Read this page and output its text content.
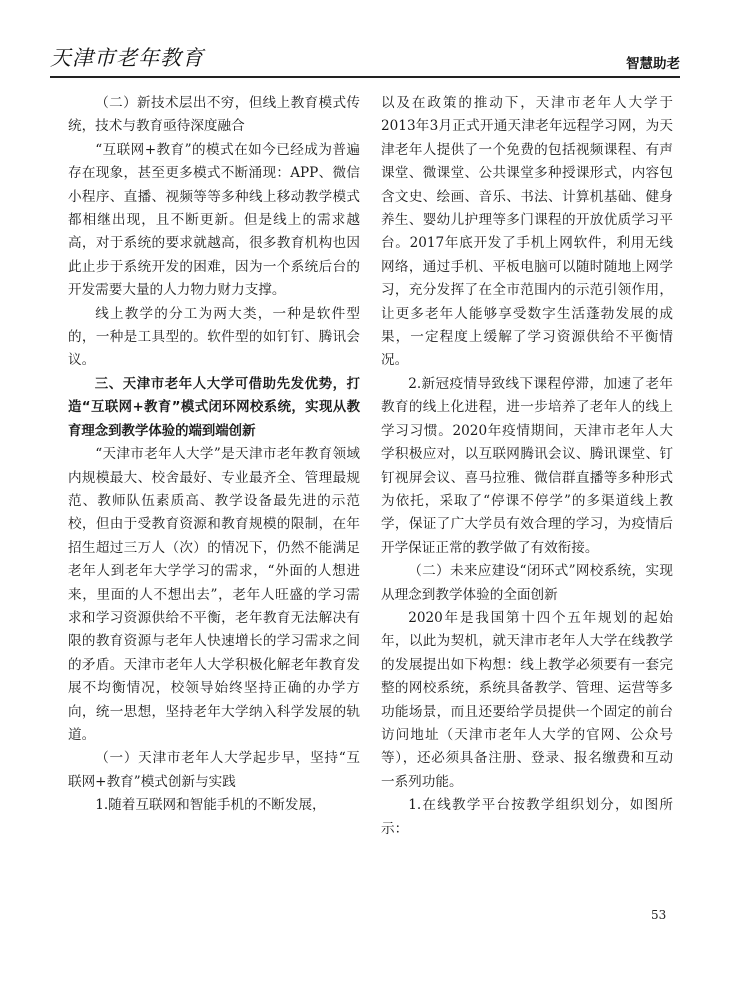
天津市老年教育	智慧助老

（二）新技术层出不穷，但线上教育模式传统，技术与教育亟待深度融合

“互联网+教育”的模式在如今已经成为普遍存在现象，甚至更多模式不断涌现：APP、微信小程序、直播、视频等等多种线上移动教学模式都相继出现，且不断更新。但是线上的需求越高，对于系统的要求就越高，很多教育机构也因此止步于系统开发的困难，因为一个系统后台的开发需要大量的人力物力财力支撑。

线上教学的分工为两大类，一种是软件型的，一种是工具型的。软件型的如钉钉、腾讯会议。

三、天津市老年人大学可借助先发优势，打造“互联网+教育”模式闭环网校系统，实现从教育理念到教学体验的端到端创新

“天津市老年人大学”是天津市老年教育领域内规模最大、校舍最好、专业最齐全、管理最规范、教师队伍素质高、教学设备最先进的示范校，但由于受教育资源和教育规模的限制，在年招生超过三万人（次）的情况下，仍然不能满足老年人到老年大学学习的需求，“外面的人想进来，里面的人不想出去”，老年人旺盛的学习需求和学习资源供给不平衡，老年教育无法解决有限的教育资源与老年人快速增长的学习需求之间的矛盾。天津市老年人大学积极化解老年教育发展不均衡情况，校领导始终坚持正确的办学方向，统一思想，坚持老年大学纳入科学发展的轨道。

（一）天津市老年人大学起步早，坚持“互联网+教育”模式创新与实践

1.随着互联网和智能手机的不断发展，

以及在政策的推动下，天津市老年人大学于2013年3月正式开通天津老年远程学习网，为天津老年人提供了一个免费的包括视频课程、有声课堂、微课堂、公共课堂多种授课形式，内容包含文史、绘画、音乐、书法、计算机基础、健身养生、婴幼儿护理等多门课程的开放优质学习平台。2017年底开发了手机上网软件，利用无线网络，通过手机、平板电脑可以随时随地上网学习，充分发挥了在全市范围内的示范引领作用，让更多老年人能够享受数字生活蓬勃发展的成果，一定程度上缓解了学习资源供给不平衡情况。

2.新冠疫情导致线下课程停滞，加速了老年教育的线上化进程，进一步培养了老年人的线上学习习惯。2020年疫情期间，天津市老年人大学积极应对，以互联网腾讯会议、腾讯课堂、钉钉视屏会议、喜马拉雅、微信群直播等多种形式为依托，采取了“停课不停学”的多渠道线上教学，保证了广大学员有效合理的学习，为疫情后开学保证正常的教学做了有效衔接。

（二）未来应建设“闭环式”网校系统，实现从理念到教学体验的全面创新

2020年是我国第十四个五年规划的起始年，以此为契机，就天津市老年人大学在线教学的发展提出如下构想：线上教学必须要有一套完整的网校系统，系统具备教学、管理、运营等多功能场景，而且还要给学员提供一个固定的前台访问地址（天津市老年人大学的官网、公众号等），还必须具备注册、登录、报名缴费和互动一系列功能。

1.在线教学平台按教学组织划分，如图所示：

53
